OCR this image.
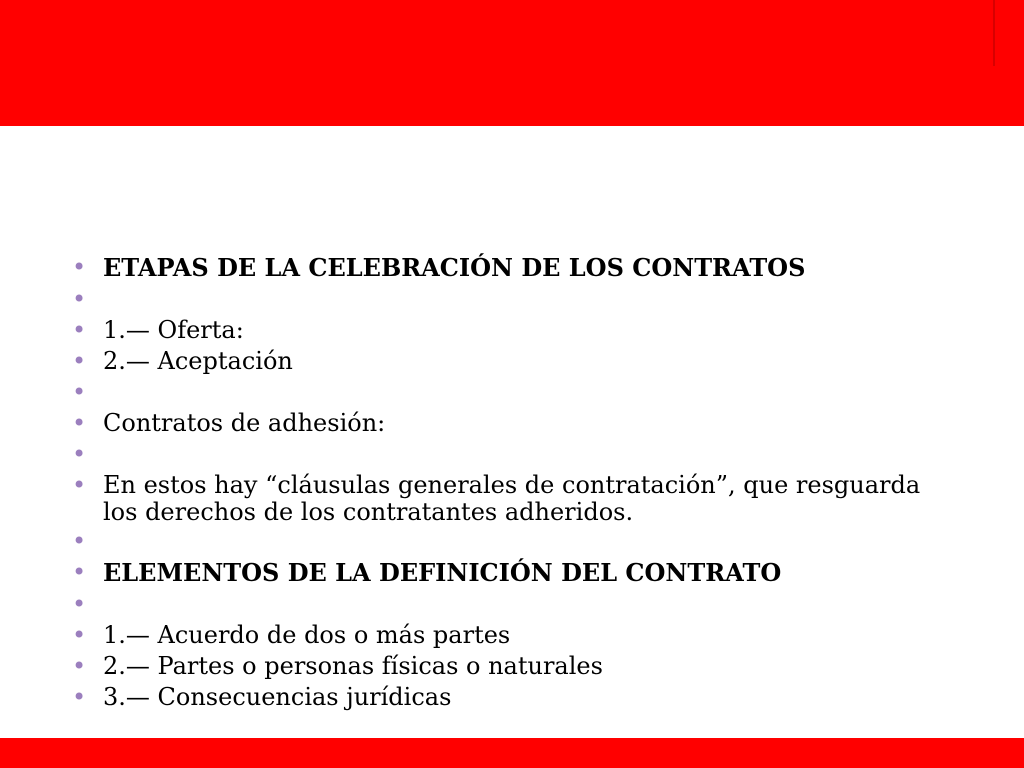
• ETAPAS DE LA CELEBRACIÓN DE LOS CONTRATOS
•
• 1.— Oferta:
• 2.— Aceptación
•
• Contratos de adhesión:
•
• En estos hay “cláusulas generales de contratación”, que resguarda los derechos de los contratantes adheridos.
•
• ELEMENTOS DE LA DEFINICIÓN DEL CONTRATO
•
• 1.— Acuerdo de dos o más partes
• 2.— Partes o personas físicas o naturales
• 3.— Consecuencias jurídicas
